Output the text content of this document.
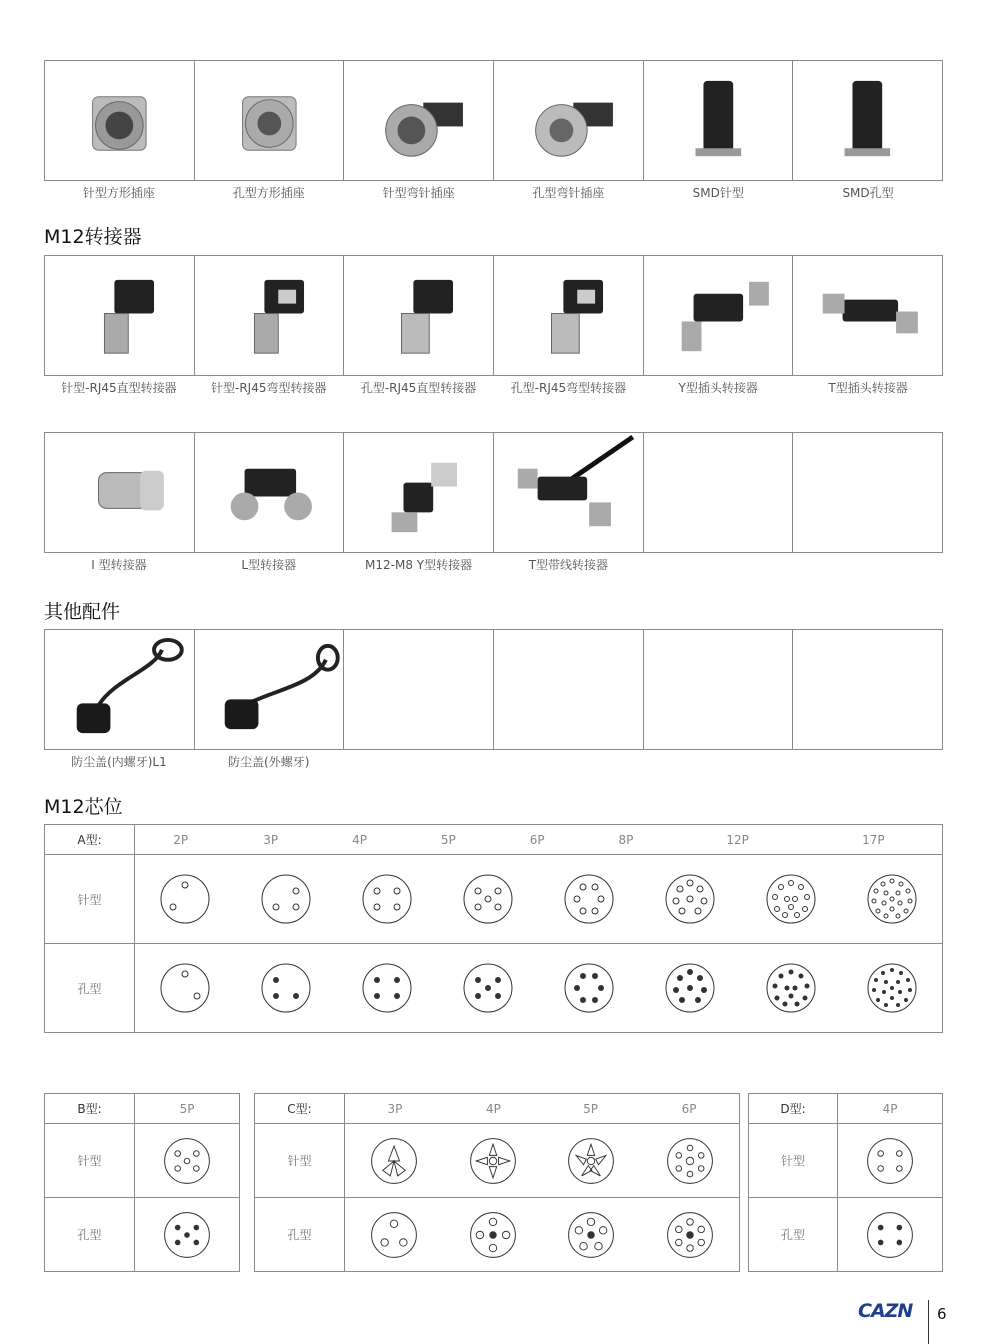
针型方形插座	孔型方形插座	针型弯针插座	孔型弯针插座	SMD针型	SMD孔型
M12转接器
针型-RJ45直型转接器	针型-RJ45弯型转接器	孔型-RJ45直型转接器	孔型-RJ45弯型转接器	Y型插头转接器	T型插头转接器
I 型转接器	L型转接器	M12-M8 Y型转接器	T型带线转接器
其他配件
防尘盖(内螺牙)L1	防尘盖(外螺牙)
M12芯位
A型:	2P	3P	4P	5P	6P	8P	12P	17P
针型	

孔型	
B型:	5P
针型	

孔型	
C型:	3P	4P	5P	6P
针型	

孔型	
D型:	4P
针型	

孔型	
CAZN 6
